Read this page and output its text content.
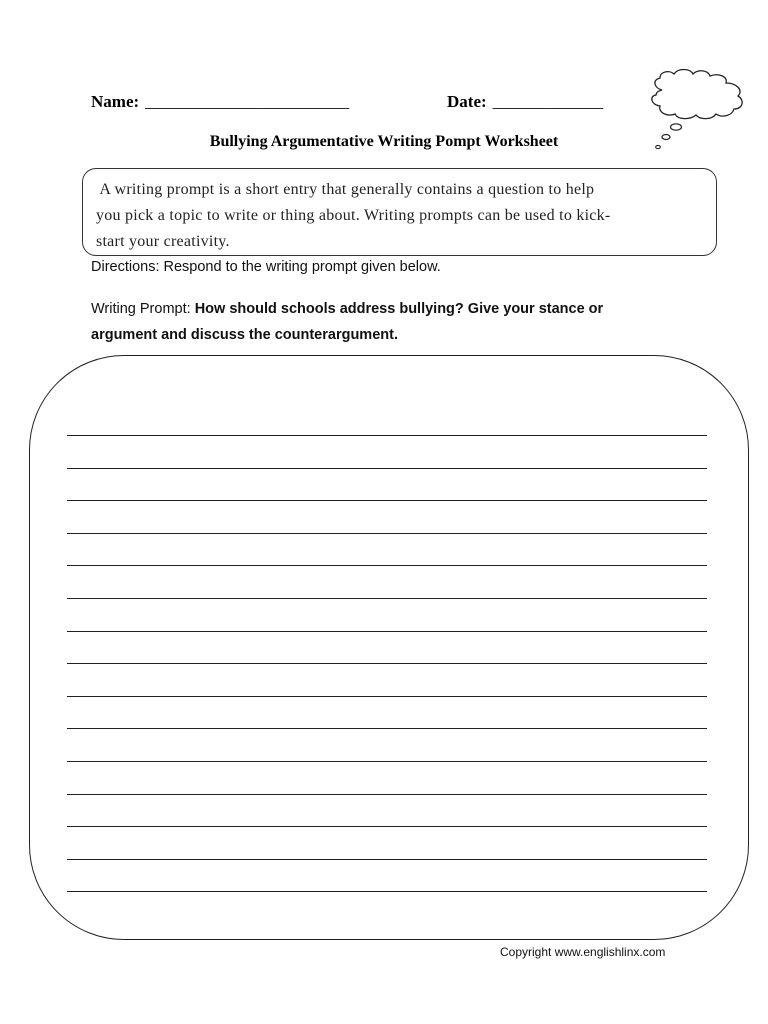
Name: ________________________	Date: _____________
Bullying Argumentative Writing Pompt Worksheet
A writing prompt is a short entry that generally contains a question to help
you pick a topic to write or thing about. Writing prompts can be used to kick-
start your creativity.
Directions: Respond to the writing prompt given below.
Writing Prompt: How should schools address bullying? Give your stance or argument and discuss the counterargument.
Copyright www.englishlinx.com
